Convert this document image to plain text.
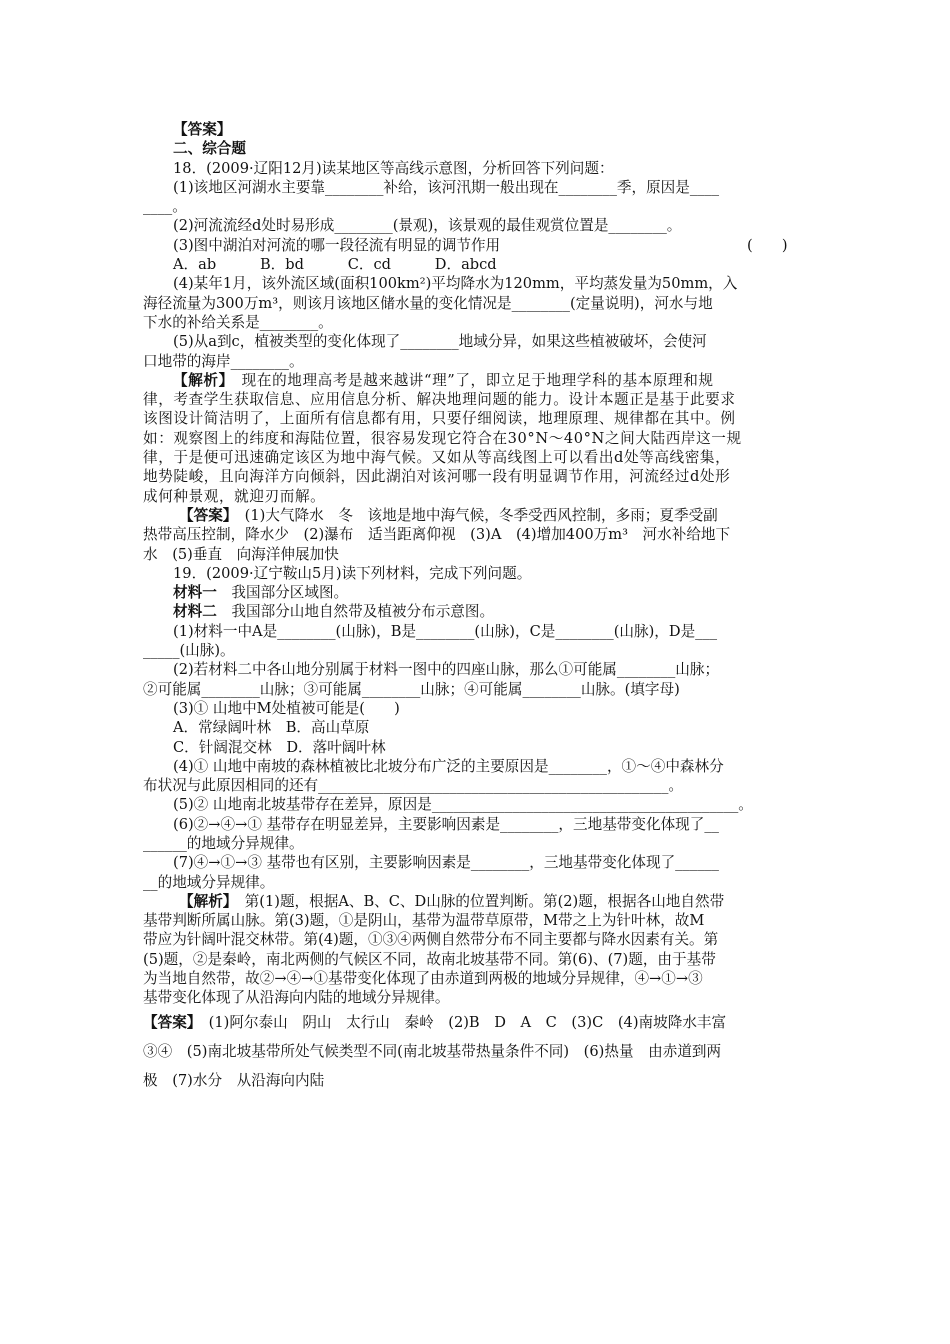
【答案】
二、综合题
18．(2009·辽阳12月)读某地区等高线示意图，分析回答下列问题：
(1)该地区河湖水主要靠________补给，该河汛期一般出现在________季，原因是____
____。
(2)河流流经d处时易形成________(景观)，该景观的最佳观赏位置是________。
(3)图中湖泊对河流的哪一段径流有明显的调节作用	(　　)
A．ab　　　B．bd　　　C．cd　　　D．abcd
(4)某年1月，该外流区域(面积100km²)平均降水为120mm，平均蒸发量为50mm，入
海径流量为300万m³，则该月该地区储水量的变化情况是________(定量说明)，河水与地
下水的补给关系是________。
(5)从a到c，植被类型的变化体现了________地域分异，如果这些植被破坏，会使河
口地带的海岸________。
【解析】　现在的地理高考是越来越讲“理”了，即立足于地理学科的基本原理和规
律，考查学生获取信息、应用信息分析、解决地理问题的能力。设计本题正是基于此要求
该图设计简洁明了，上面所有信息都有用，只要仔细阅读，地理原理、规律都在其中。例
如：观察图上的纬度和海陆位置，很容易发现它符合在30°N～40°N之间大陆西岸这一规
律，于是便可迅速确定该区为地中海气候。又如从等高线图上可以看出d处等高线密集，
地势陡峻，且向海洋方向倾斜，因此湖泊对该河哪一段有明显调节作用，河流经过d处形
成何种景观，就迎刃而解。
【答案】　(1)大气降水　冬　该地是地中海气候，冬季受西风控制，多雨；夏季受副
热带高压控制，降水少　(2)瀑布　适当距离仰视　(3)A　(4)增加400万m³　河水补给地下
水　(5)垂直　向海洋伸展加快
19．(2009·辽宁鞍山5月)读下列材料，完成下列问题。
材料一　我国部分区域图。
材料二　我国部分山地自然带及植被分布示意图。
(1)材料一中A是________(山脉)，B是________(山脉)，C是________(山脉)，D是___
_____(山脉)。
(2)若材料二中各山地分别属于材料一图中的四座山脉，那么①可能属________山脉；
②可能属________山脉；③可能属________山脉；④可能属________山脉。(填字母)
(3)① 山地中M处植被可能是(　　)
A．常绿阔叶林　B．高山草原
C．针阔混交林　D．落叶阔叶林
(4)① 山地中南坡的森林植被比北坡分布广泛的主要原因是________，①～④中森林分
布状况与此原因相同的还有________________________________________________。
(5)② 山地南北坡基带存在差异，原因是__________________________________________。
(6)②→④→① 基带存在明显差异，主要影响因素是________，三地基带变化体现了__
______的地域分异规律。
(7)④→①→③ 基带也有区别，主要影响因素是________，三地基带变化体现了______
__的地域分异规律。
【解析】　第(1)题，根据A、B、C、D山脉的位置判断。第(2)题，根据各山地自然带
基带判断所属山脉。第(3)题，①是阴山，基带为温带草原带，M带之上为针叶林，故M
带应为针阔叶混交林带。第(4)题，①③④两侧自然带分布不同主要都与降水因素有关。第
(5)题，②是秦岭，南北两侧的气候区不同，故南北坡基带不同。第(6)、(7)题，由于基带
为当地自然带，故②→④→①基带变化体现了由赤道到两极的地域分异规律，④→①→③
基带变化体现了从沿海向内陆的地域分异规律。
【答案】　(1)阿尔泰山　阴山　太行山　秦岭　(2)B　D　A　C　(3)C　(4)南坡降水丰富
③④　(5)南北坡基带所处气候类型不同(南北坡基带热量条件不同)　(6)热量　由赤道到两
极　(7)水分　从沿海向内陆
